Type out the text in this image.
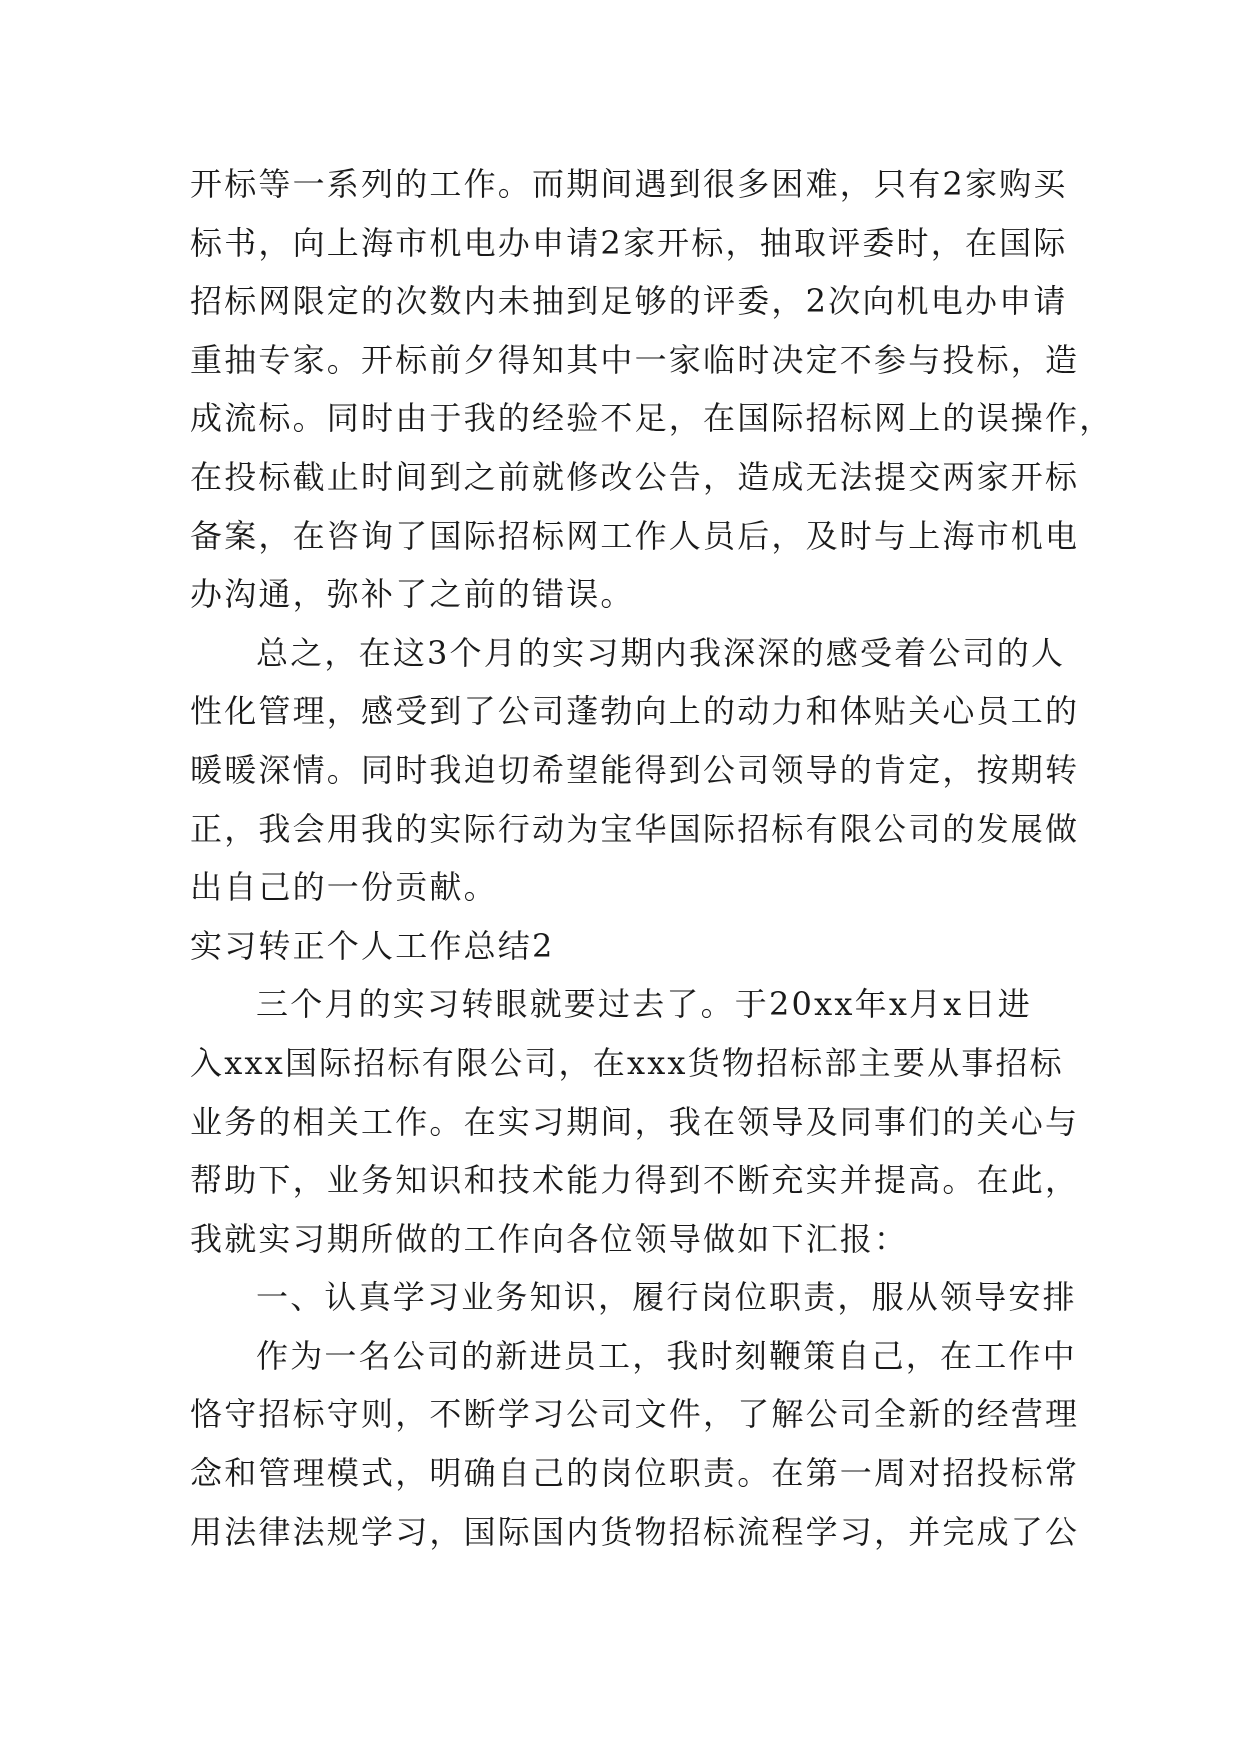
开标等一系列的工作。而期间遇到很多困难，只有2家购买
标书，向上海市机电办申请2家开标，抽取评委时，在国际
招标网限定的次数内未抽到足够的评委，2次向机电办申请
重抽专家。开标前夕得知其中一家临时决定不参与投标，造
成流标。同时由于我的经验不足，在国际招标网上的误操作，
在投标截止时间到之前就修改公告，造成无法提交两家开标
备案，在咨询了国际招标网工作人员后，及时与上海市机电
办沟通，弥补了之前的错误。
总之，在这3个月的实习期内我深深的感受着公司的人
性化管理，感受到了公司蓬勃向上的动力和体贴关心员工的
暖暖深情。同时我迫切希望能得到公司领导的肯定，按期转
正，我会用我的实际行动为宝华国际招标有限公司的发展做
出自己的一份贡献。
实习转正个人工作总结2
三个月的实习转眼就要过去了。于20xx年x月x日进
入xxx国际招标有限公司，在xxx货物招标部主要从事招标
业务的相关工作。在实习期间，我在领导及同事们的关心与
帮助下，业务知识和技术能力得到不断充实并提高。在此，
我就实习期所做的工作向各位领导做如下汇报：
一、认真学习业务知识，履行岗位职责，服从领导安排
作为一名公司的新进员工，我时刻鞭策自己，在工作中
恪守招标守则，不断学习公司文件，了解公司全新的经营理
念和管理模式，明确自己的岗位职责。在第一周对招投标常
用法律法规学习，国际国内货物招标流程学习，并完成了公
